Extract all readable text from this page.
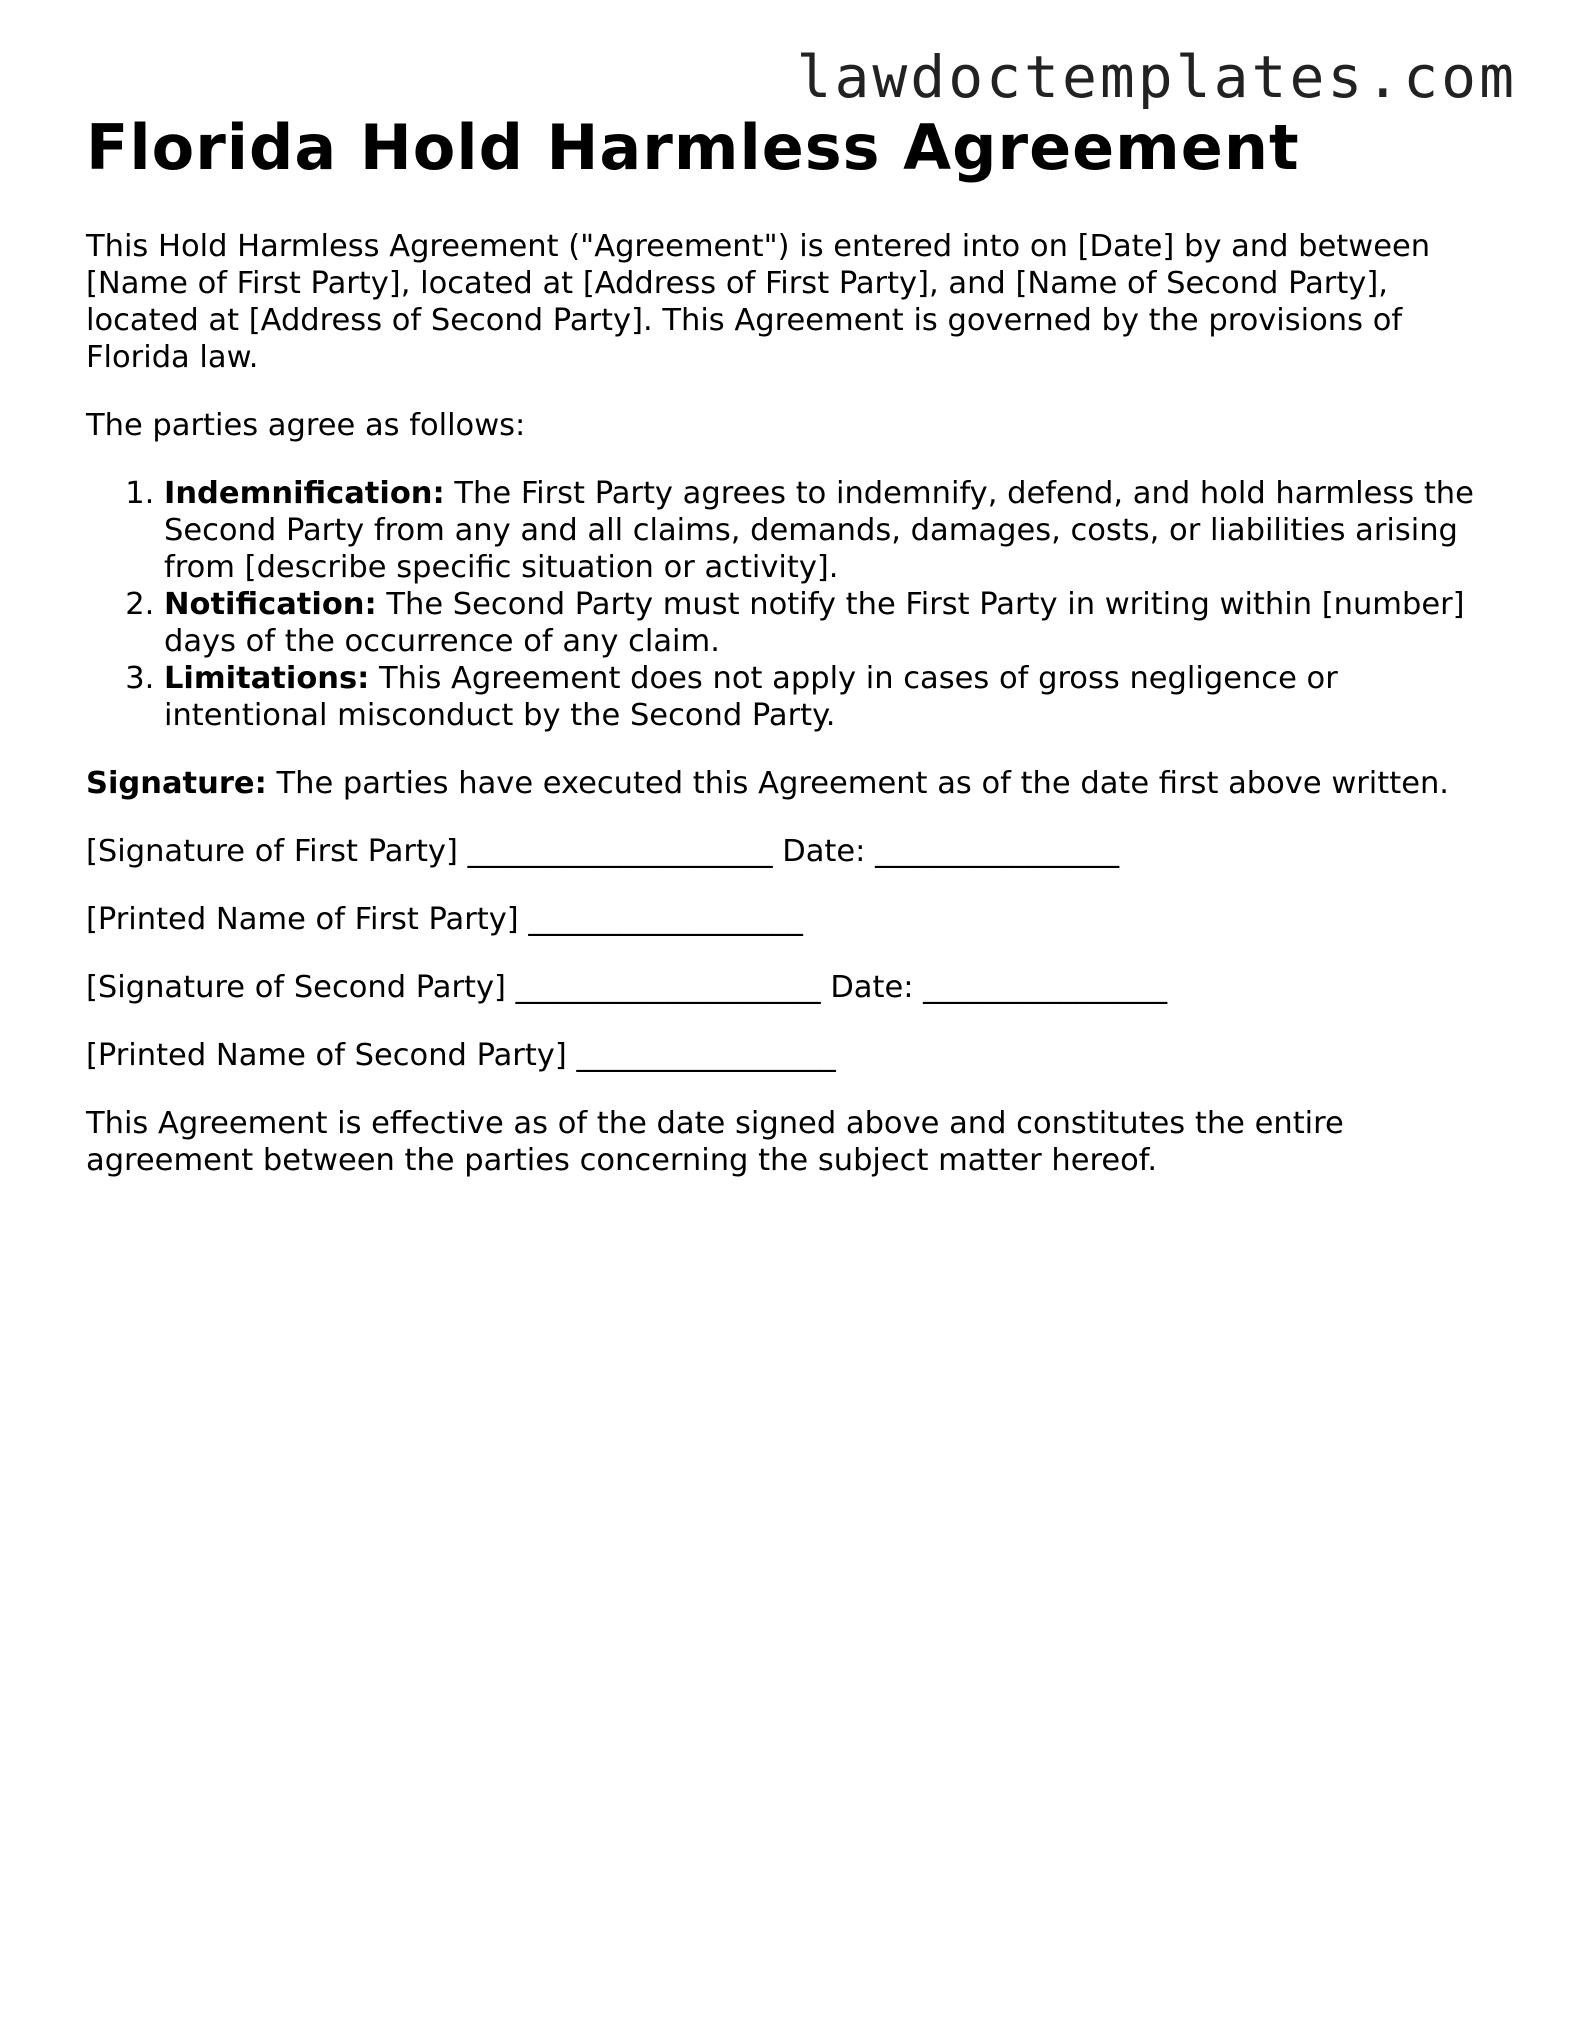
lawdoctemplates.com
Florida Hold Harmless Agreement

This Hold Harmless Agreement ("Agreement") is entered into on [Date] by and between [Name of First Party], located at [Address of First Party], and [Name of Second Party], located at [Address of Second Party]. This Agreement is governed by the provisions of Florida law.

The parties agree as follows:

1. Indemnification: The First Party agrees to indemnify, defend, and hold harmless the Second Party from any and all claims, demands, damages, costs, or liabilities arising from [describe specific situation or activity].
2. Notification: The Second Party must notify the First Party in writing within [number] days of the occurrence of any claim.
3. Limitations: This Agreement does not apply in cases of gross negligence or intentional misconduct by the Second Party.

Signature: The parties have executed this Agreement as of the date first above written.

[Signature of First Party] ____________________ Date: ________________

[Printed Name of First Party] __________________

[Signature of Second Party] ____________________ Date: ________________

[Printed Name of Second Party] _________________

This Agreement is effective as of the date signed above and constitutes the entire agreement between the parties concerning the subject matter hereof.
